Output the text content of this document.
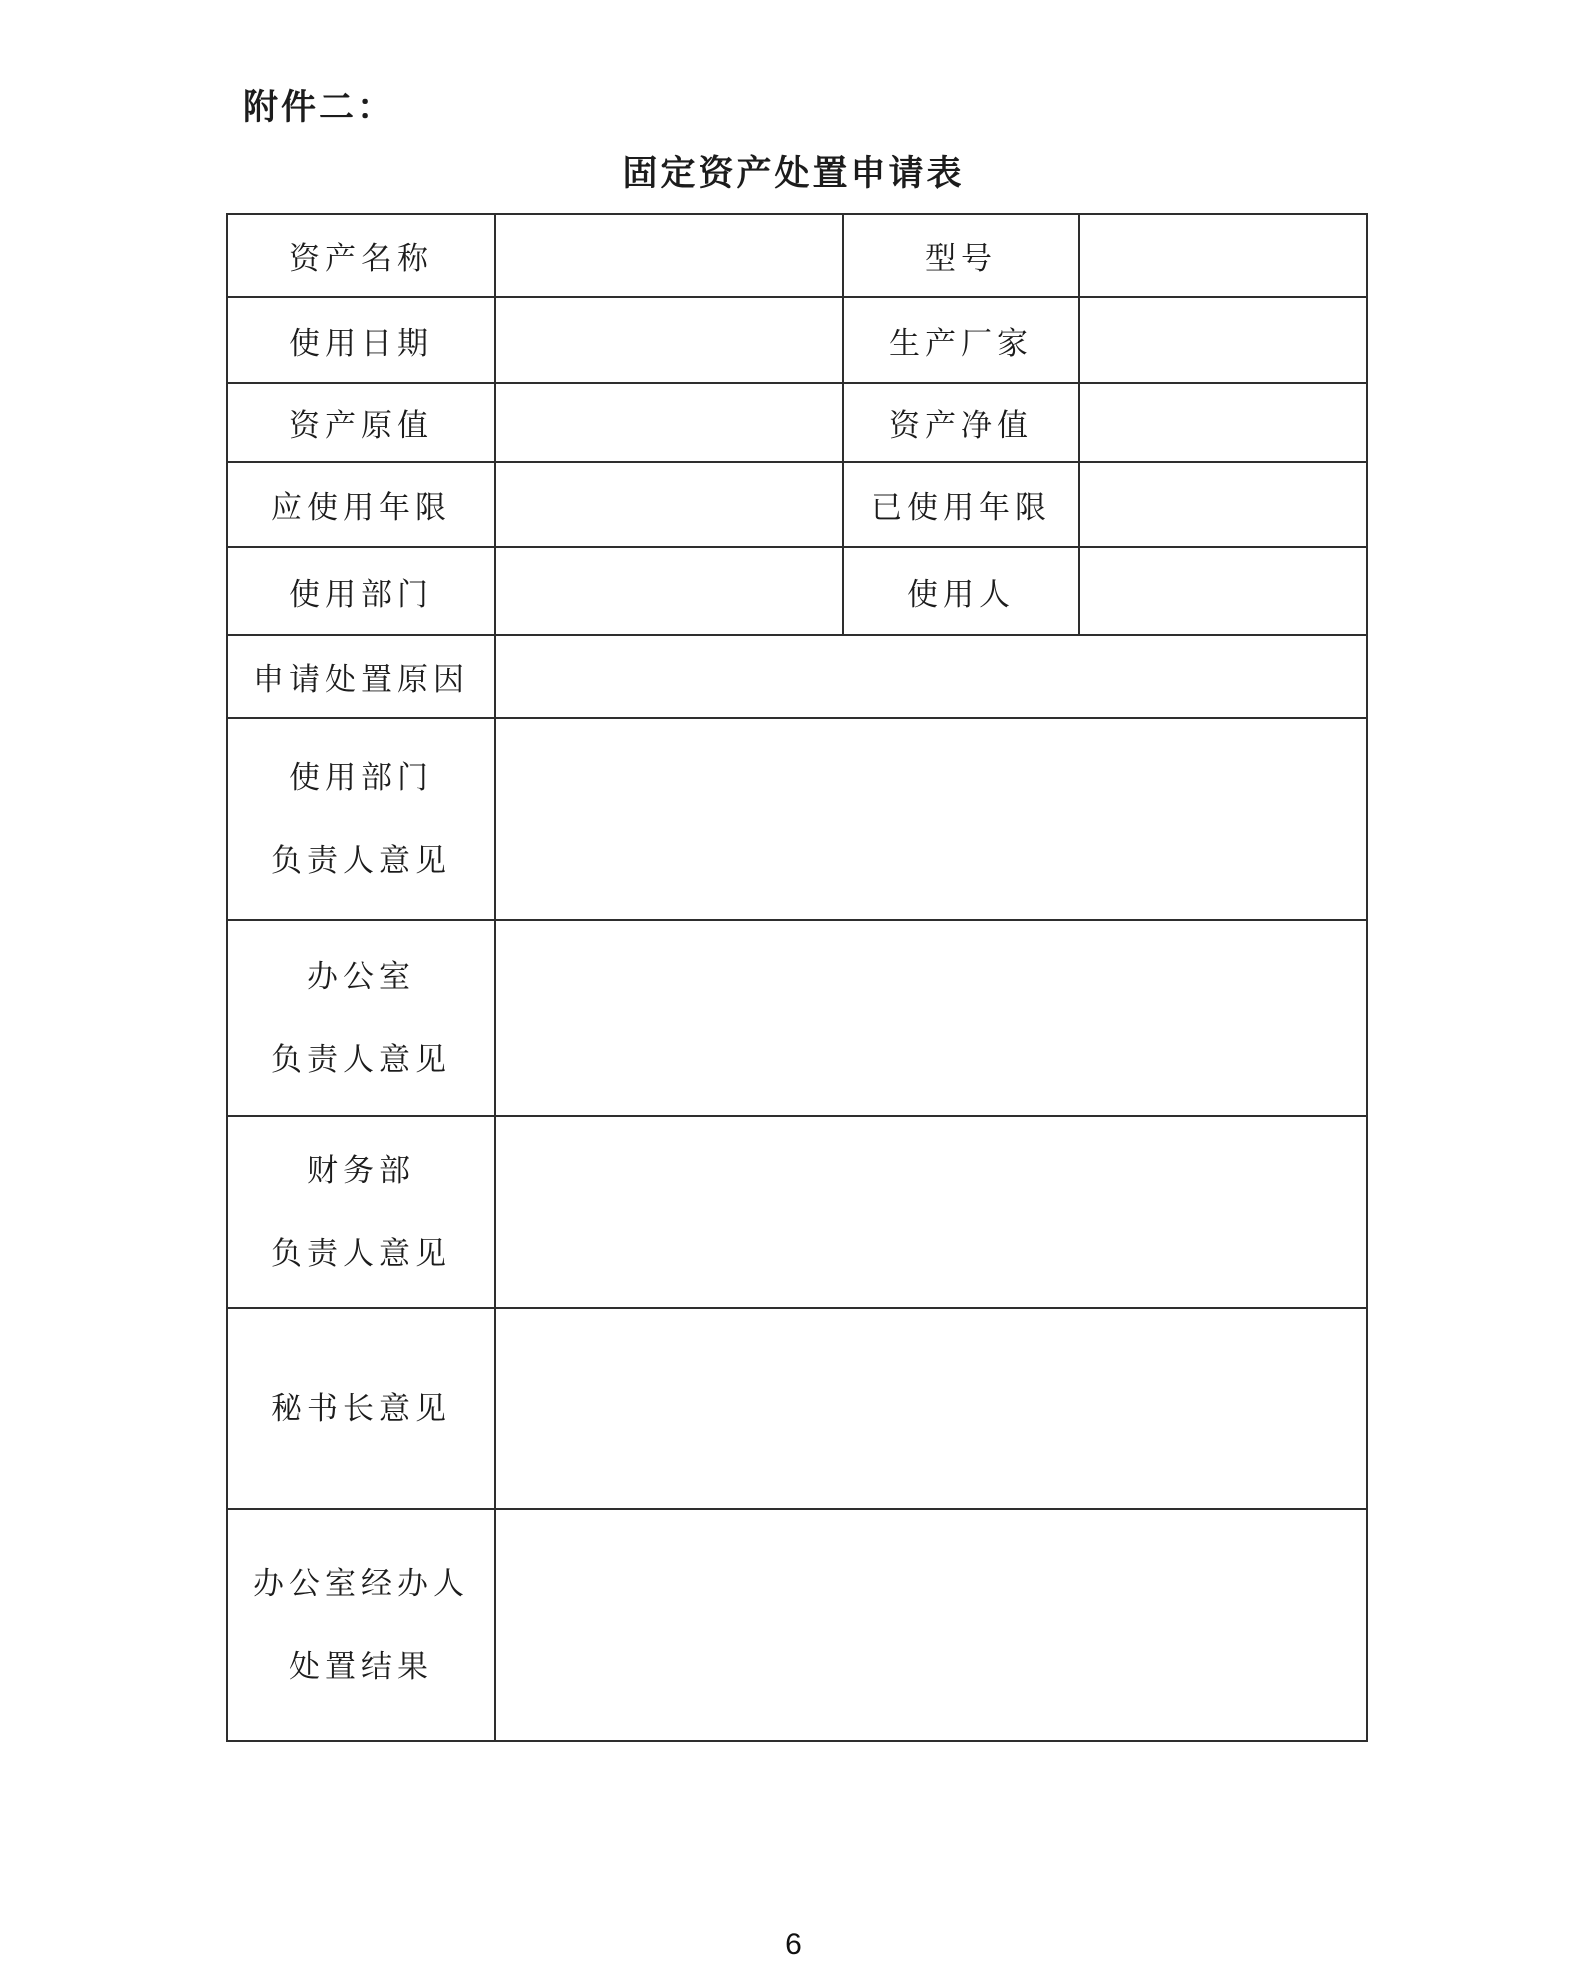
附件二：
固定资产处置申请表
资产名称		型号	
使用日期		生产厂家	
资产原值		资产净值	
应使用年限		已使用年限	
使用部门		使用人	
申请处置原因			

使用部门
负责人意见			

办公室
负责人意见			

财务部
负责人意见			

秘书长意见			

办公室经办人
处置结果			

6
